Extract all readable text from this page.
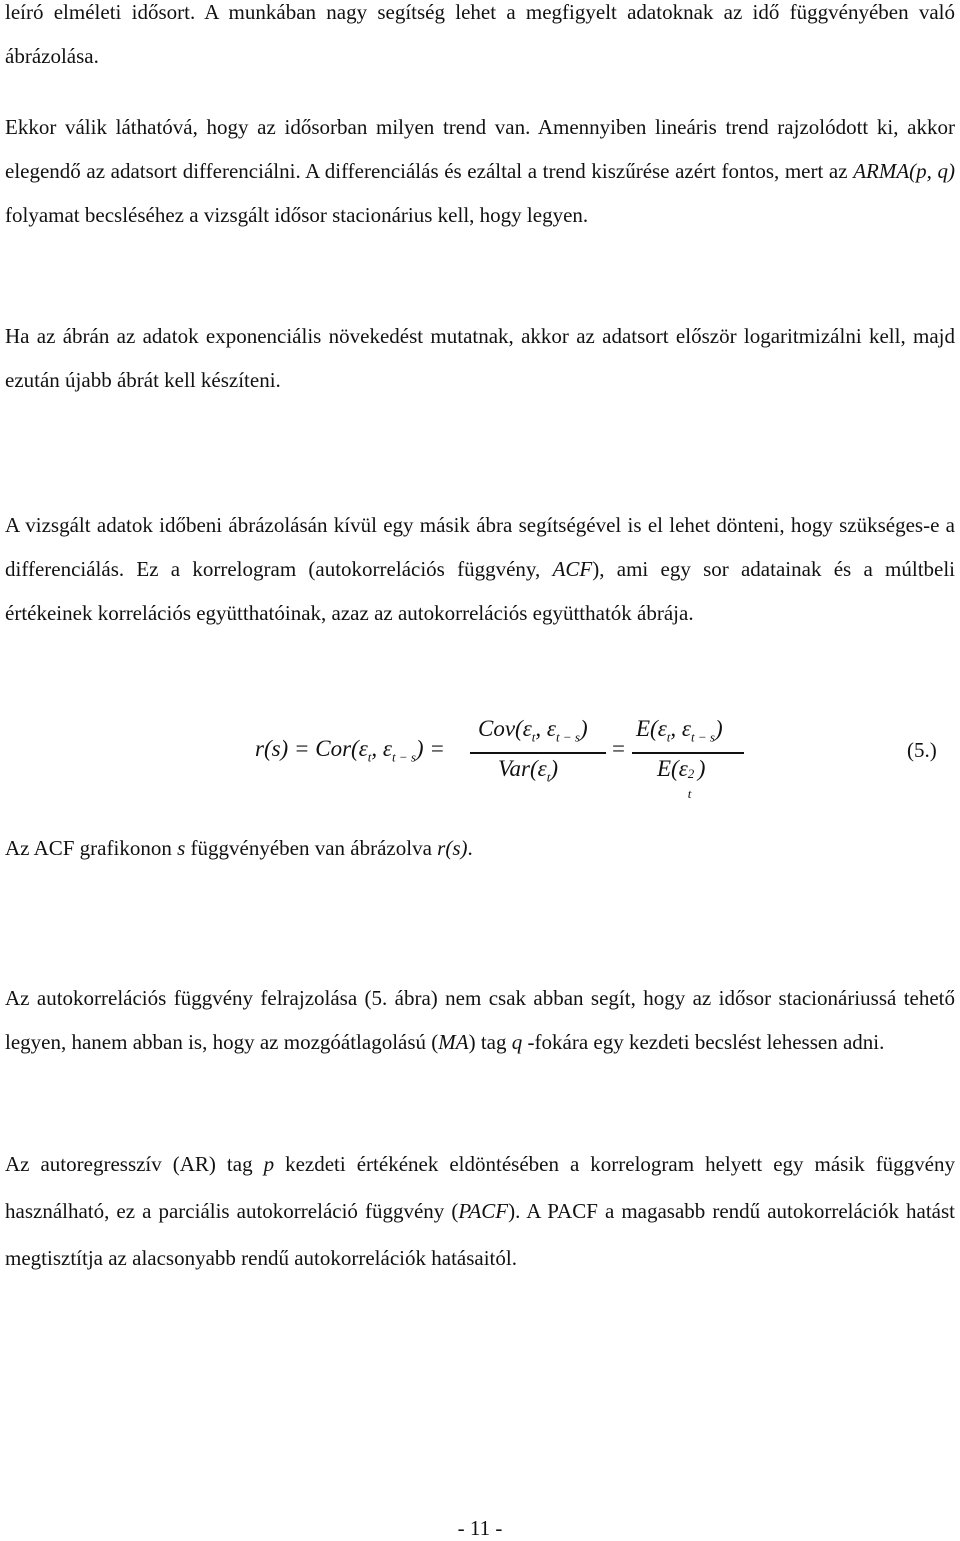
leíró elméleti idősort. A munkában nagy segítség lehet a megfigyelt adatoknak az idő függvényében való ábrázolása.

Ekkor válik láthatóvá, hogy az idősorban milyen trend van. Amennyiben lineáris trend rajzolódott ki, akkor elegendő az adatsort differenciálni. A differenciálás és ezáltal a trend kiszűrése azért fontos, mert az ARMA(p, q) folyamat becsléséhez a vizsgált idősor stacionárius kell, hogy legyen.

Ha az ábrán az adatok exponenciális növekedést mutatnak, akkor az adatsort először logaritmizálni kell, majd ezután újabb ábrát kell készíteni.

A vizsgált adatok időbeni ábrázolásán kívül egy másik ábra segítségével is el lehet dönteni, hogy szükséges-e a differenciálás. Ez a korrelogram (autokorrelációs függvény, ACF), ami egy sor adatainak és a múltbeli értékeinek korrelációs együtthatóinak, azaz az autokorrelációs együtthatók ábrája.

$r(s) = Cor(\varepsilon_t$, $\varepsilon_{t - s}$) =
$Cov(\varepsilon_t$, $\varepsilon_{t - s}$)
$Var(\varepsilon_t)$
=
$E(\varepsilon_t$, $\varepsilon_{t - s}$)
E(ε 2
t
)
(5.)

Az ACF grafikonon s függvényében van ábrázolva r(s).

Az autokorrelációs függvény felrajzolása (5. ábra) nem csak abban segít, hogy az idősor stacionáriussá tehető legyen, hanem abban is, hogy az mozgóátlagolású (MA) tag q -fokára egy kezdeti becslést lehessen adni.

Az autoregresszív (AR) tag p kezdeti értékének eldöntésében a korrelogram helyett egy másik függvény használható, ez a parciális autokorreláció függvény (PACF). A PACF a magasabb rendű autokorrelációk hatást megtisztítja az alacsonyabb rendű autokorrelációk hatásaitól.

- 11 -
